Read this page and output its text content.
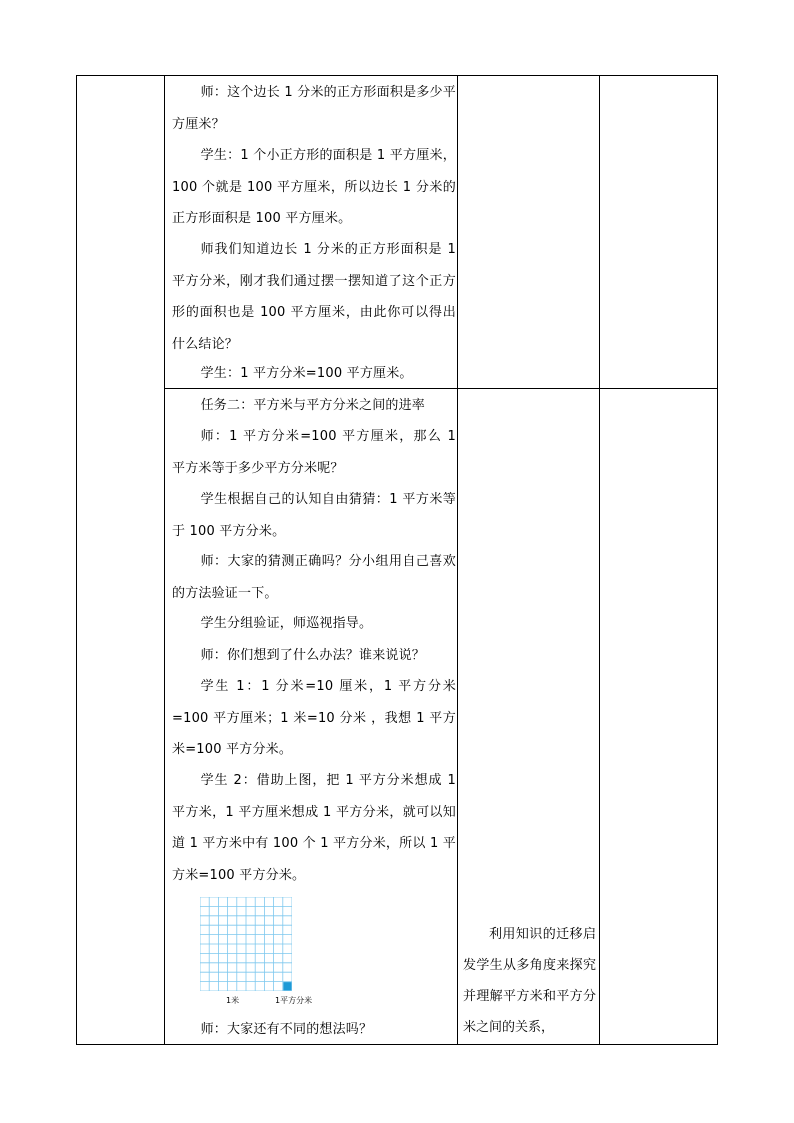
师：这个边长 1 分米的正方形面积是多少平方厘米？
学生：1 个小正方形的面积是 1 平方厘米，100 个就是 100 平方厘米，所以边长 1 分米的正方形面积是 100 平方厘米。
师我们知道边长 1 分米的正方形面积是 1 平方分米，刚才我们通过摆一摆知道了这个正方形的面积也是 100 平方厘米，由此你可以得出什么结论？
学生：1 平方分米=100 平方厘米。
任务二：平方米与平方分米之间的进率
师：1 平方分米=100 平方厘米，那么 1 平方米等于多少平方分米呢？
学生根据自己的认知自由猜猜：1 平方米等于 100 平方分米。
师：大家的猜测正确吗？分小组用自己喜欢的方法验证一下。
学生分组验证，师巡视指导。
师：你们想到了什么办法？谁来说说？
学生 1：1 分米=10 厘米，1 平方分米=100 平方厘米；1 米=10 分米 ，我想 1 平方米=100 平方分米。
学生 2：借助上图，把 1 平方分米想成 1 平方米，1 平方厘米想成 1 平方分米，就可以知道 1 平方米中有 100 个 1 平方分米，所以 1 平方米=100 平方分米。
1米	1平方分米
师：大家还有不同的想法吗？
利用知识的迁移启发学生从多角度来探究并理解平方米和平方分米之间的关系，
